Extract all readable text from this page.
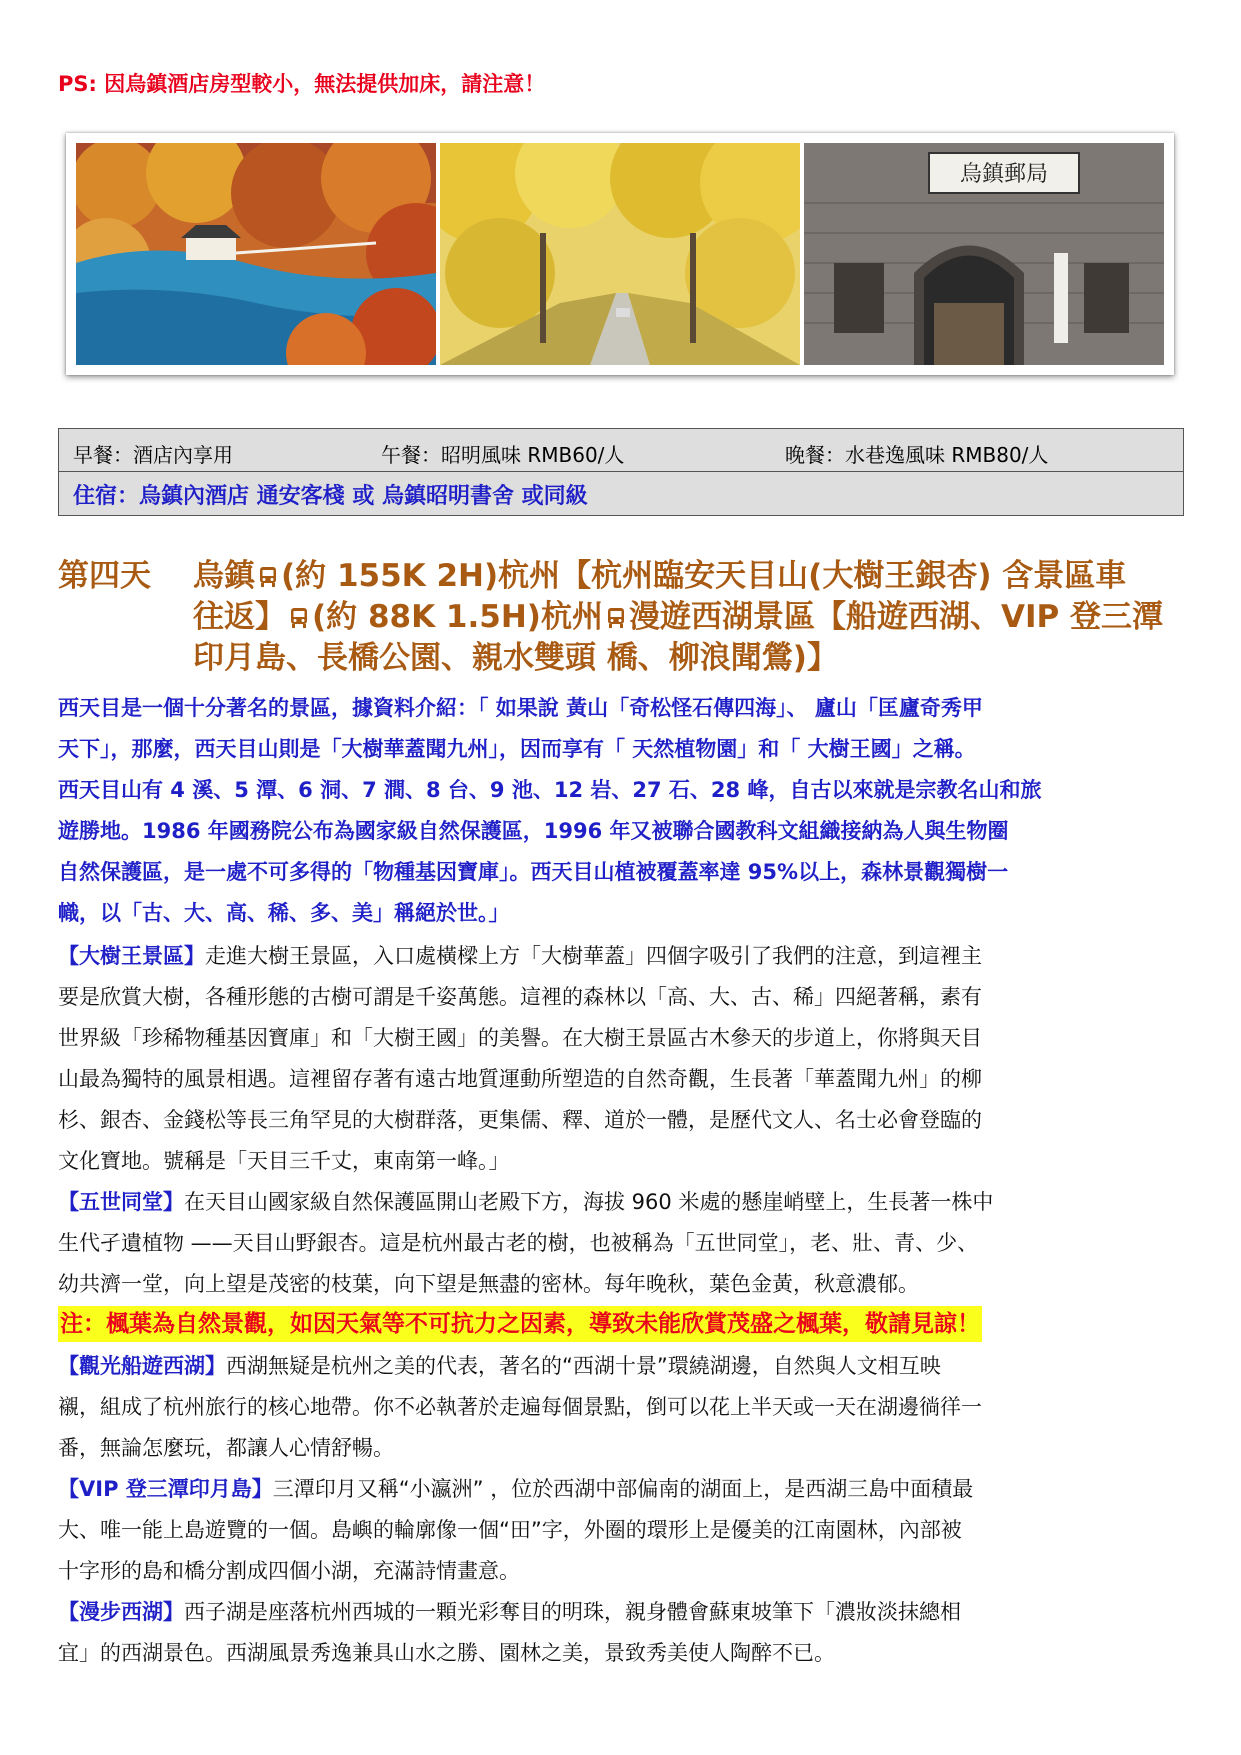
PS: 因烏鎮酒店房型較小，無法提供加床，請注意！
烏鎮郵局
早餐：酒店內享用	午餐：昭明風味 RMB60/人	晚餐：水巷逸風味 RMB80/人
住宿：烏鎮內酒店 通安客棧 或 烏鎮昭明書舍 或同級
第四天 烏鎮 (約 155K 2H)杭州【杭州臨安天目山(大樹王銀杏) 含景區車
往返】 (約 88K 1.5H)杭州 漫遊西湖景區【船遊西湖、VIP 登三潭
印月島、長橋公園、親水雙頭 橋、柳浪聞鶯)】
西天目是一個十分著名的景區，據資料介紹：「 如果說 黃山「奇松怪石傳四海」、 廬山「匡廬奇秀甲
天下」，那麼，西天目山則是「大樹華蓋聞九州」，因而享有「 天然植物園」和「 大樹王國」之稱。
西天目山有 4 溪、5 潭、6 洞、7 澗、8 台、9 池、12 岩、27 石、28 峰，自古以來就是宗教名山和旅
遊勝地。1986 年國務院公布為國家級自然保護區，1996 年又被聯合國教科文組織接納為人與生物圈
自然保護區，是一處不可多得的「物種基因寶庫」。西天目山植被覆蓋率達 95%以上，森林景觀獨樹一
幟，以「古、大、高、稀、多、美」稱絕於世。」
【大樹王景區】走進大樹王景區，入口處橫樑上方「大樹華蓋」四個字吸引了我們的注意，到這裡主
要是欣賞大樹，各種形態的古樹可謂是千姿萬態。這裡的森林以「高、大、古、稀」四絕著稱，素有
世界級「珍稀物種基因寶庫」和「大樹王國」的美譽。在大樹王景區古木參天的步道上，你將與天目
山最為獨特的風景相遇。這裡留存著有遠古地質運動所塑造的自然奇觀，生長著「華蓋聞九州」的柳
杉、銀杏、金錢松等長三角罕見的大樹群落，更集儒、釋、道於一體，是歷代文人、名士必會登臨的
文化寶地。號稱是「天目三千丈，東南第一峰。」
【五世同堂】在天目山國家級自然保護區開山老殿下方，海拔 960 米處的懸崖峭壁上，生長著一株中
生代孑遺植物 ——天目山野銀杏。這是杭州最古老的樹，也被稱為「五世同堂」，老、壯、青、少、
幼共濟一堂，向上望是茂密的枝葉，向下望是無盡的密林。每年晚秋，葉色金黃，秋意濃郁。
注：楓葉為自然景觀，如因天氣等不可抗力之因素，導致未能欣賞茂盛之楓葉，敬請見諒！
【觀光船遊西湖】西湖無疑是杭州之美的代表，著名的“西湖十景”環繞湖邊，自然與人文相互映
襯，組成了杭州旅行的核心地帶。你不必執著於走遍每個景點，倒可以花上半天或一天在湖邊徜徉一
番，無論怎麼玩，都讓人心情舒暢。
【VIP 登三潭印月島】三潭印月又稱“小瀛洲” ，位於西湖中部偏南的湖面上，是西湖三島中面積最
大、唯一能上島遊覽的一個。島嶼的輪廓像一個“田”字，外圈的環形上是優美的江南園林，內部被
十字形的島和橋分割成四個小湖，充滿詩情畫意。
【漫步西湖】西子湖是座落杭州西城的一顆光彩奪目的明珠，親身體會蘇東坡筆下「濃妝淡抹總相
宜」的西湖景色。西湖風景秀逸兼具山水之勝、園林之美，景致秀美使人陶醉不已。
